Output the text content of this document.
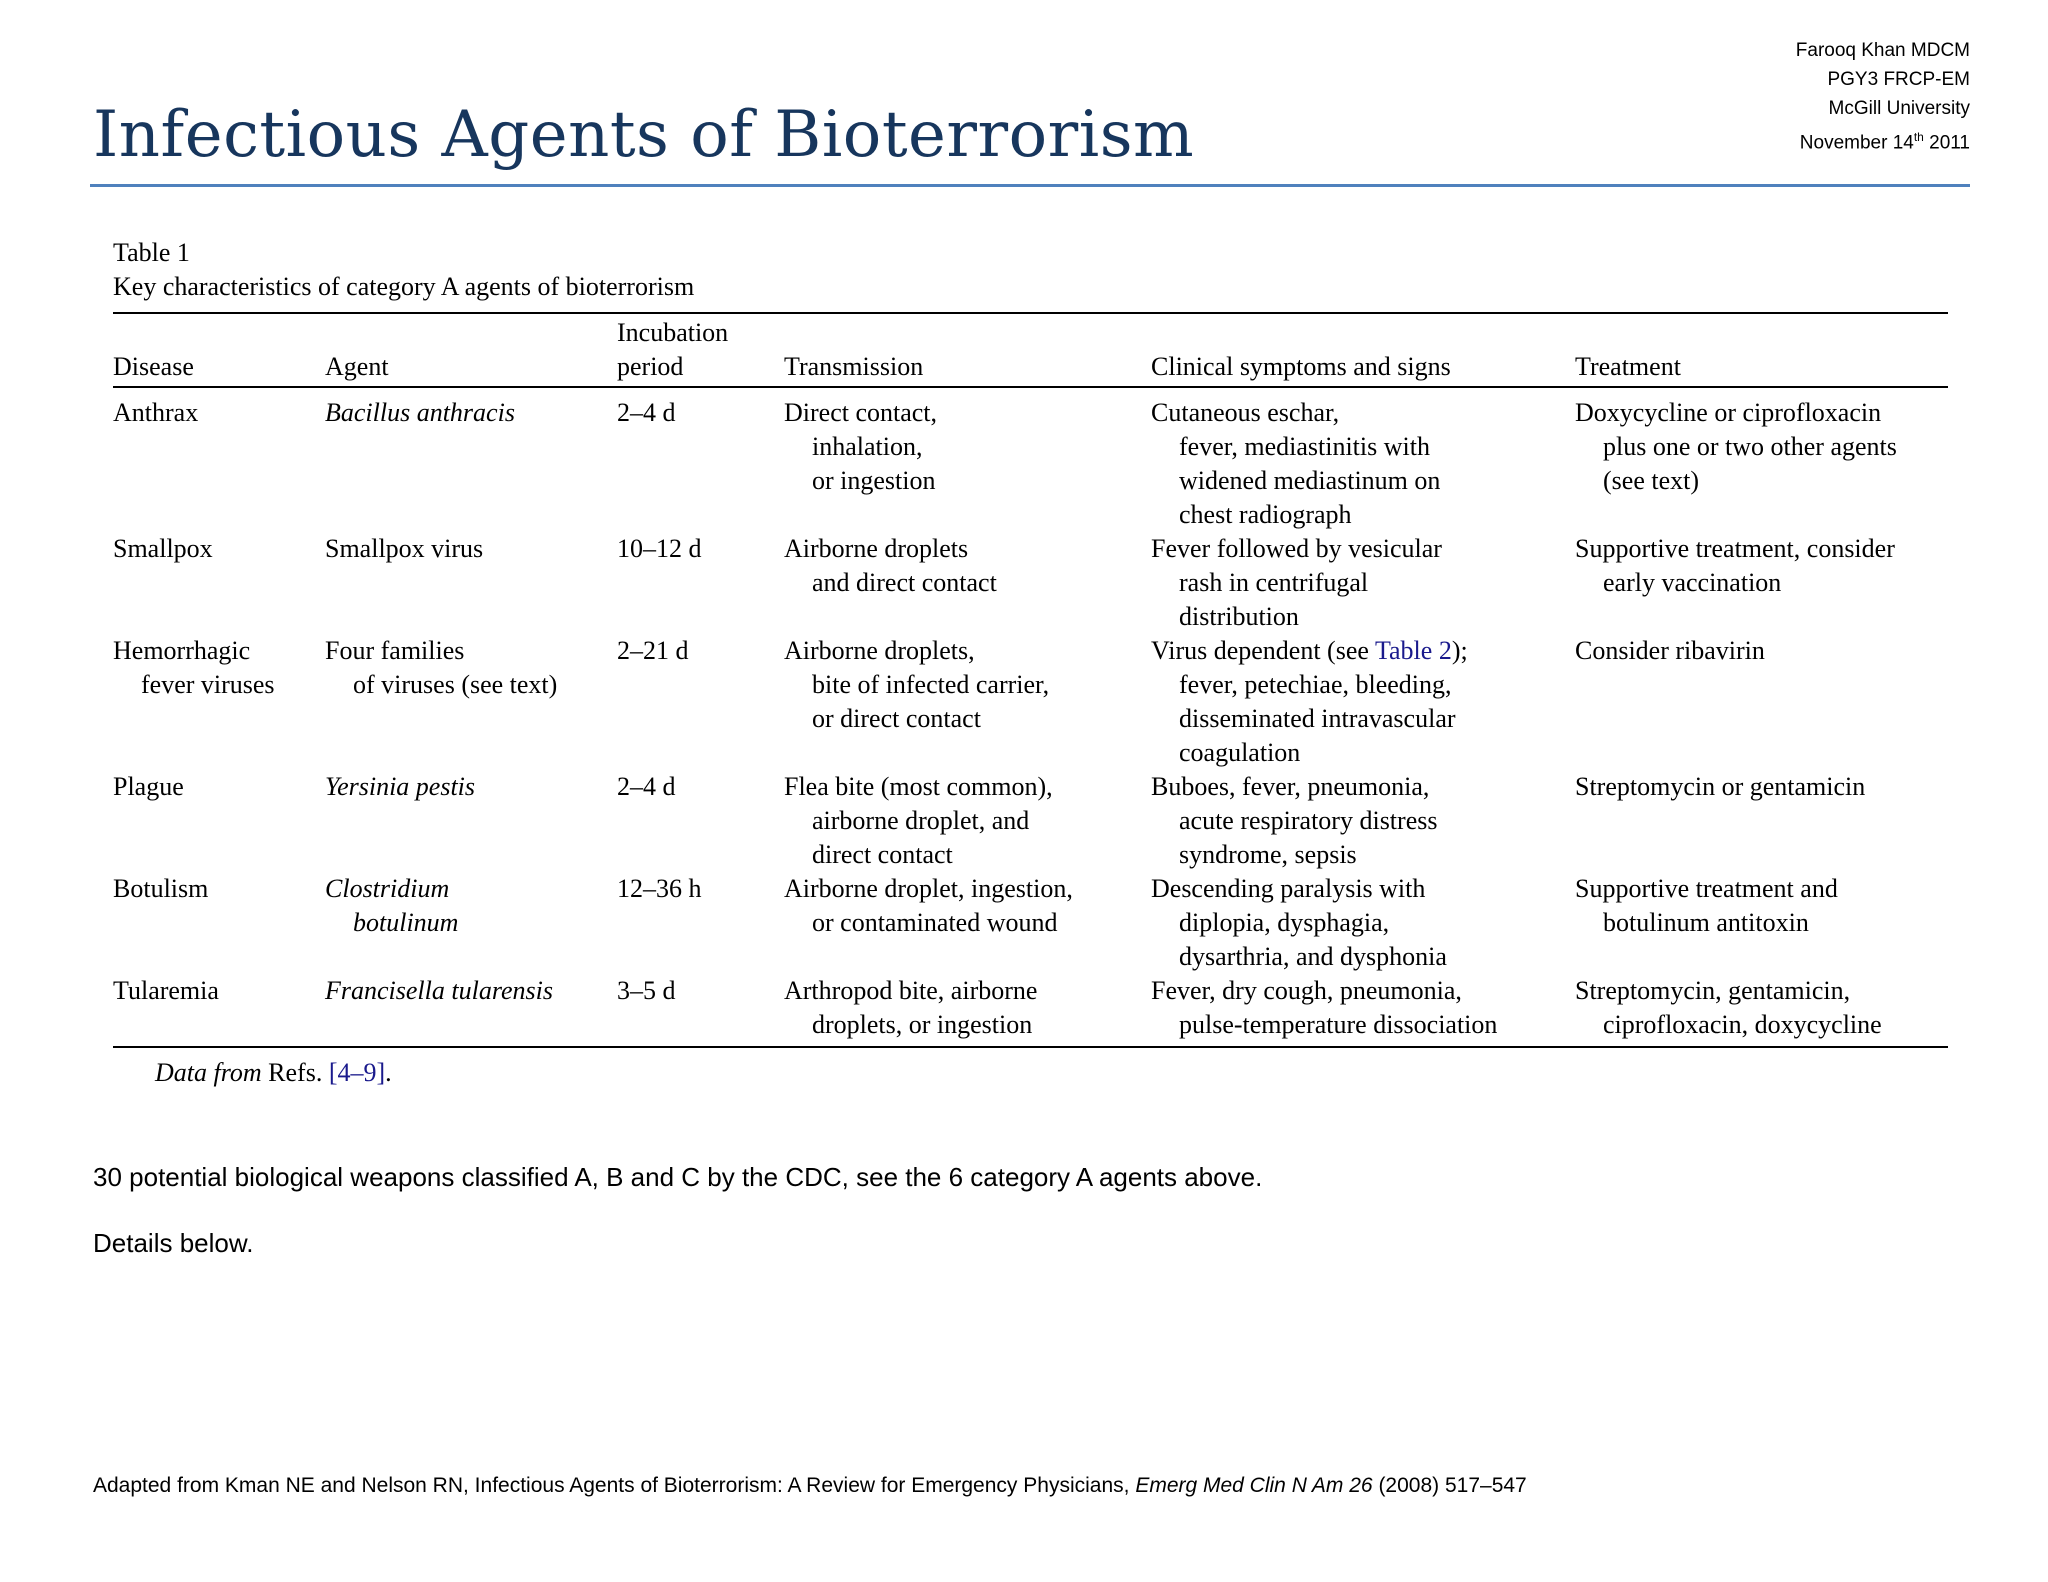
Farooq Khan MDCM
PGY3 FRCP-EM
McGill University
November 14th 2011
Infectious Agents of Bioterrorism

Table 1

Key characteristics of category A agents of bioterrorism

Disease	Agent	Incubation
period	Transmission	Clinical symptoms and signs	Treatment

Anthrax	Bacillus anthracis	2–4 d	Direct contact,
inhalation,
or ingestion	Cutaneous eschar,
fever, mediastinitis with
widened mediastinum on
chest radiograph	Doxycycline or ciprofloxacin
plus one or two other agents
(see text)

Smallpox	Smallpox virus	10–12 d	Airborne droplets
and direct contact	Fever followed by vesicular
rash in centrifugal
distribution	Supportive treatment, consider
early vaccination

Hemorrhagic
fever viruses	Four families
of viruses (see text)	2–21 d	Airborne droplets,
bite of infected carrier,
or direct contact	Virus dependent (see Table 2);
fever, petechiae, bleeding,
disseminated intravascular
coagulation	Consider ribavirin

Plague	Yersinia pestis	2–4 d	Flea bite (most common),
airborne droplet, and
direct contact	Buboes, fever, pneumonia,
acute respiratory distress
syndrome, sepsis	Streptomycin or gentamicin

Botulism	Clostridium
botulinum	12–36 h	Airborne droplet, ingestion,
or contaminated wound	Descending paralysis with
diplopia, dysphagia,
dysarthria, and dysphonia	Supportive treatment and
botulinum antitoxin

Tularemia	Francisella tularensis	3–5 d	Arthropod bite, airborne
droplets, or ingestion	Fever, dry cough, pneumonia,
pulse-temperature dissociation	Streptomycin, gentamicin,
ciprofloxacin, doxycycline

Data from Refs. [4–9].

30 potential biological weapons classified A, B and C by the CDC, see the 6 category A agents above.
Details below.
Adapted from Kman NE and Nelson RN, Infectious Agents of Bioterrorism: A Review for Emergency Physicians, Emerg Med Clin N Am 26 (2008) 517–547
